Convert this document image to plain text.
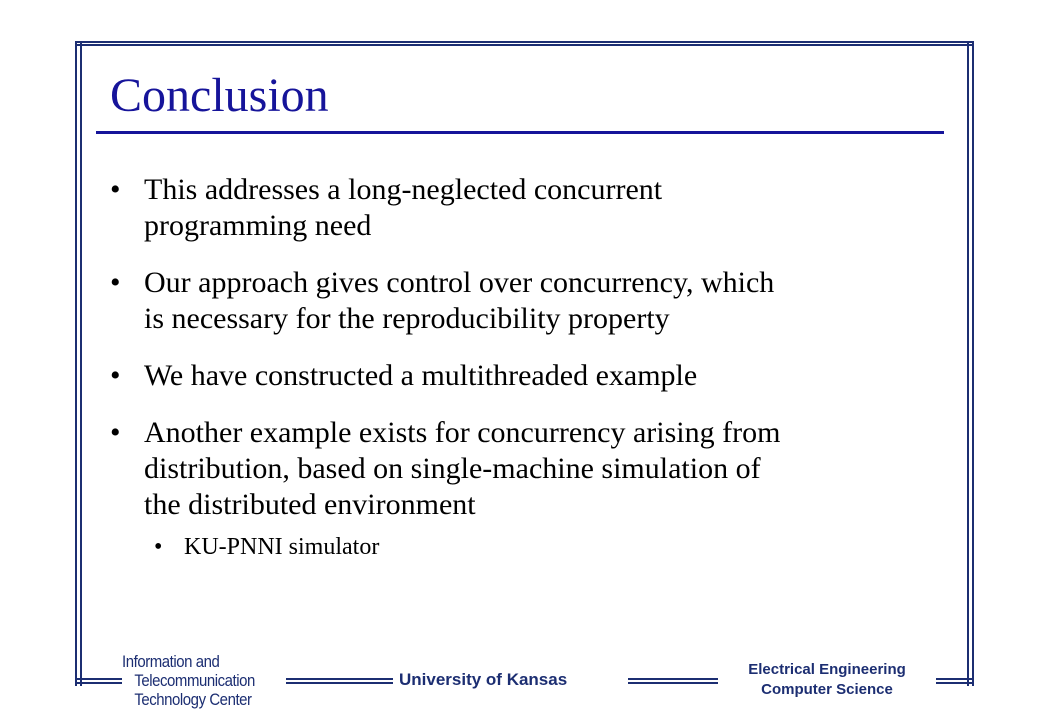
Conclusion
• This addresses a long-neglected concurrent
programming need
• Our approach gives control over concurrency, which
is necessary for the reproducibility property
• We have constructed a multithreaded example
• Another example exists for concurrency arising from
distribution, based on single-machine simulation of
the distributed environment
• KU-PNNI simulator
Information and
Telecommunication
Technology Center
University of Kansas
Electrical Engineering
Computer Science
